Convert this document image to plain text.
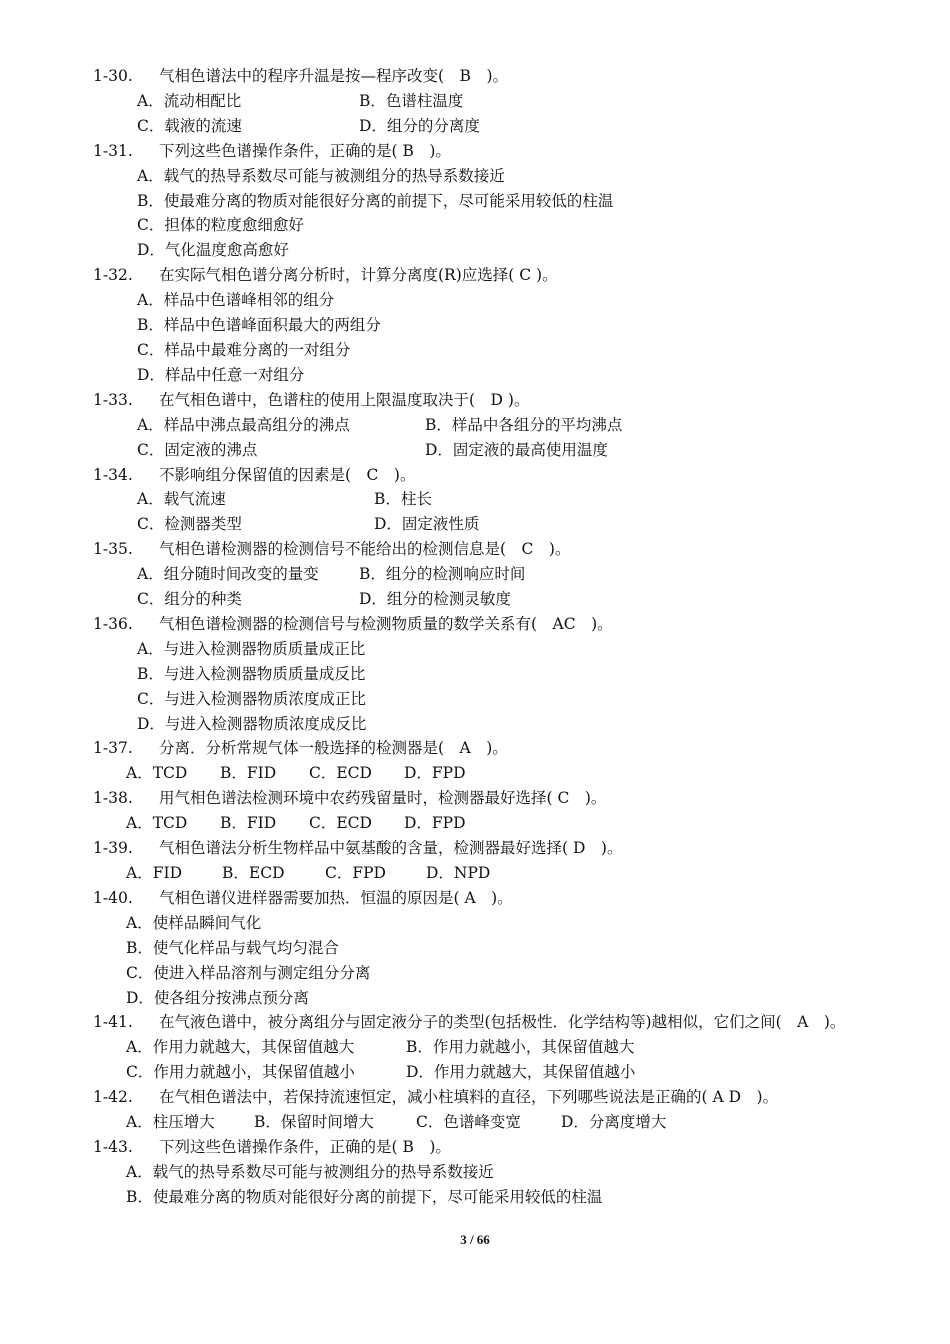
1-30. 气相色谱法中的程序升温是按—程序改变(　B　)。
A．流动相配比	B．色谱柱温度
C．载液的流速	D．组分的分离度
1-31. 下列这些色谱操作条件，正确的是( B　)。
A．载气的热导系数尽可能与被测组分的热导系数接近
B．使最难分离的物质对能很好分离的前提下，尽可能采用较低的柱温
C．担体的粒度愈细愈好
D．气化温度愈高愈好
1-32. 在实际气相色谱分离分析时，计算分离度(R)应选择( C )。
A．样品中色谱峰相邻的组分
B．样品中色谱峰面积最大的两组分
C．样品中最难分离的一对组分
D．样品中任意一对组分
1-33. 在气相色谱中，色谱柱的使用上限温度取决于(　D )。
A．样品中沸点最高组分的沸点	B．样品中各组分的平均沸点
C．固定液的沸点	D．固定液的最高使用温度
1-34. 不影响组分保留值的因素是(　C　)。
A．载气流速	B．柱长
C．检测器类型	D．固定液性质
1-35. 气相色谱检测器的检测信号不能给出的检测信息是(　C　)。
A．组分随时间改变的量变	B．组分的检测响应时间
C．组分的种类	D．组分的检测灵敏度
1-36. 气相色谱检测器的检测信号与检测物质量的数学关系有(　AC　)。
A．与进入检测器物质质量成正比
B．与进入检测器物质质量成反比
C．与进入检测器物质浓度成正比
D．与进入检测器物质浓度成反比
1-37. 分离．分析常规气体一般选择的检测器是(　A　)。
A．TCD B．FID C．ECD D．FPD
1-38. 用气相色谱法检测环境中农药残留量时，检测器最好选择( C　)。
A．TCD B．FID C．ECD D．FPD
1-39. 气相色谱法分析生物样品中氨基酸的含量，检测器最好选择( D　)。
A．FID	B．ECD	C．FPD	D．NPD
1-40. 气相色谱仪进样器需要加热．恒温的原因是( A　)。
A．使样品瞬间气化
B．使气化样品与载气均匀混合
C．使进入样品溶剂与测定组分分离
D．使各组分按沸点预分离
1-41. 在气液色谱中，被分离组分与固定液分子的类型(包括极性．化学结构等)越相似，它们之间(　A　)。
A．作用力就越大，其保留值越大	B．作用力就越小，其保留值越大
C．作用力就越小，其保留值越小	D．作用力就越大，其保留值越小
1-42. 在气相色谱法中，若保持流速恒定，减小柱填料的直径，下列哪些说法是正确的( A D　)。
A．柱压增大	B．保留时间增大	C．色谱峰变宽	D．分离度增大
1-43. 下列这些色谱操作条件，正确的是( B　)。
A．载气的热导系数尽可能与被测组分的热导系数接近
B．使最难分离的物质对能很好分离的前提下，尽可能采用较低的柱温
3 / 66
